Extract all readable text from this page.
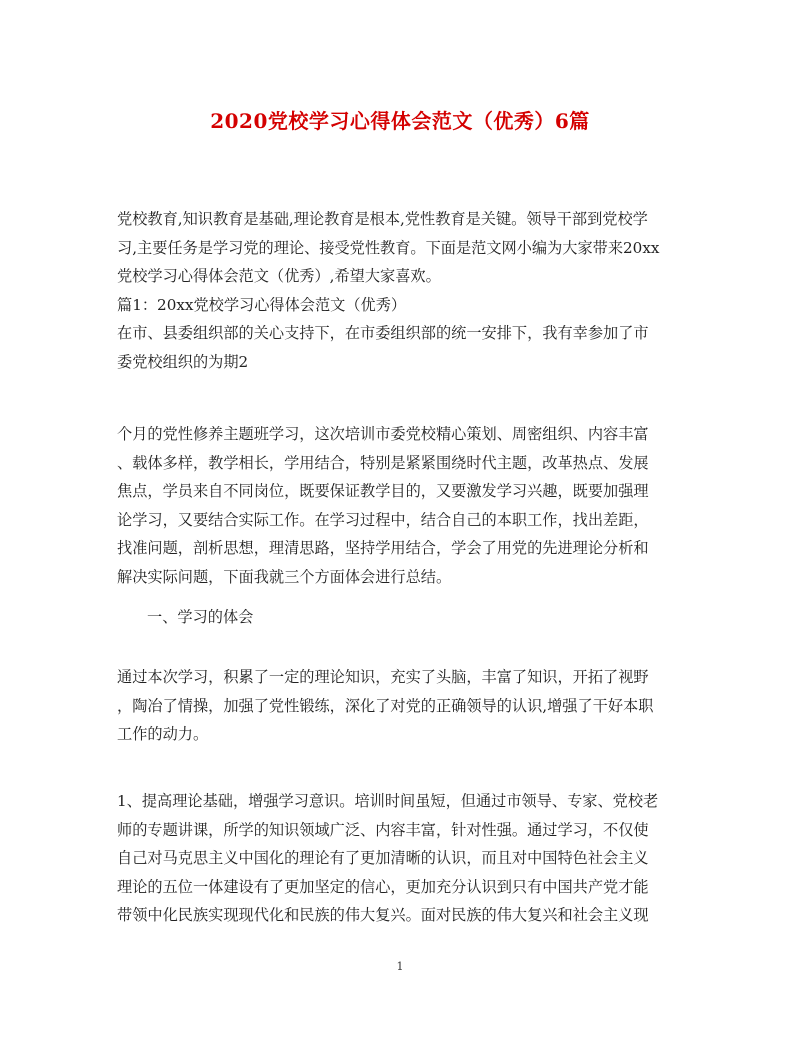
2020党校学习心得体会范文（优秀）6篇
党校教育,知识教育是基础,理论教育是根本,党性教育是关键。领导干部到党校学
习,主要任务是学习党的理论、接受党性教育。下面是范文网小编为大家带来20xx
党校学习心得体会范文（优秀）,希望大家喜欢。
篇1：20xx党校学习心得体会范文（优秀）
在市、县委组织部的关心支持下，在市委组织部的统一安排下，我有幸参加了市
委党校组织的为期2
个月的党性修养主题班学习，这次培训市委党校精心策划、周密组织、内容丰富
、载体多样，教学相长，学用结合，特别是紧紧围绕时代主题，改革热点、发展
焦点，学员来自不同岗位，既要保证教学目的，又要激发学习兴趣，既要加强理
论学习，又要结合实际工作。在学习过程中，结合自己的本职工作，找出差距，
找准问题，剖析思想，理清思路，坚持学用结合，学会了用党的先进理论分析和
解决实际问题，下面我就三个方面体会进行总结。
一、学习的体会
通过本次学习，积累了一定的理论知识，充实了头脑，丰富了知识，开拓了视野
，陶冶了情操，加强了党性锻练，深化了对党的正确领导的认识,增强了干好本职
工作的动力。
1、提高理论基础，增强学习意识。培训时间虽短，但通过市领导、专家、党校老
师的专题讲课，所学的知识领域广泛、内容丰富，针对性强。通过学习，不仅使
自己对马克思主义中国化的理论有了更加清晰的认识，而且对中国特色社会主义
理论的五位一体建设有了更加坚定的信心，更加充分认识到只有中国共产党才能
带领中化民族实现现代化和民族的伟大复兴。面对民族的伟大复兴和社会主义现
1
